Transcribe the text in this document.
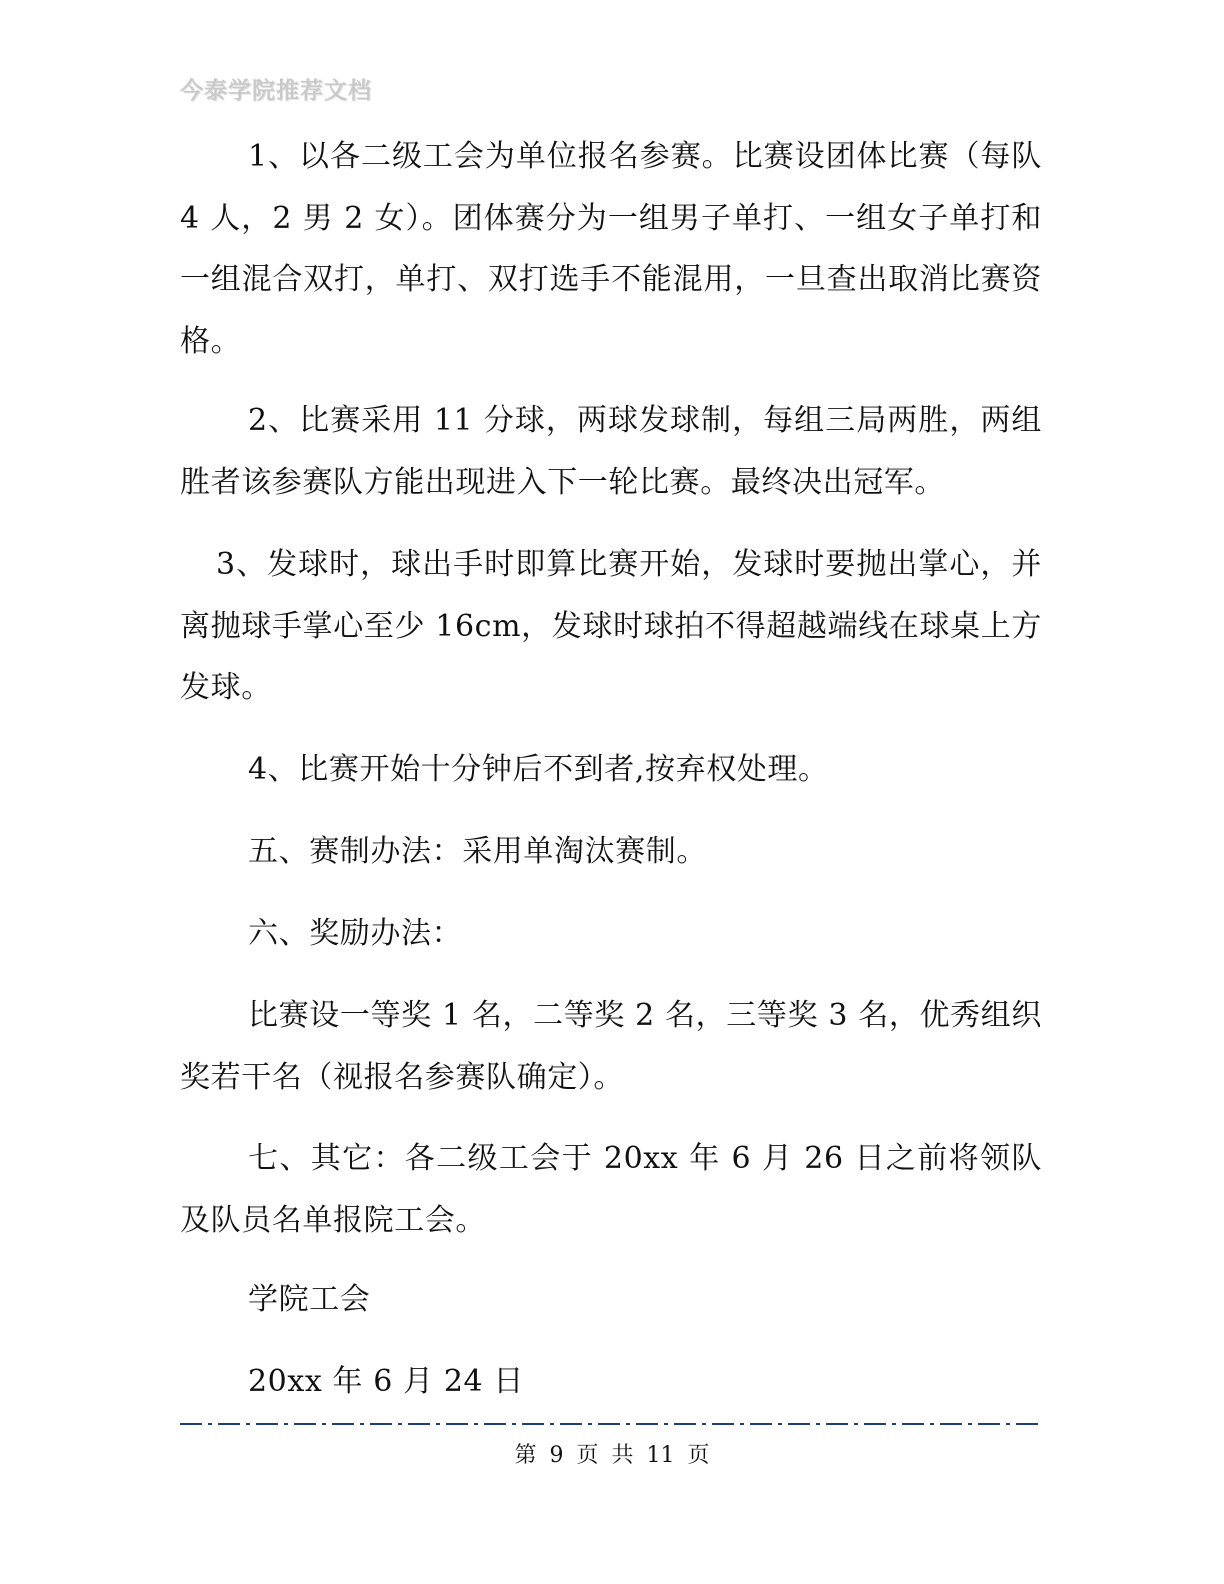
今泰学院推荐文档

1、以各二级工会为单位报名参赛。比赛设团体比赛（每队 4 人，2 男 2 女）。团体赛分为一组男子单打、一组女子单打和一组混合双打，单打、双打选手不能混用，一旦查出取消比赛资格。

2、比赛采用 11 分球，两球发球制，每组三局两胜，两组胜者该参赛队方能出现进入下一轮比赛。最终决出冠军。

3、发球时，球出手时即算比赛开始，发球时要抛出掌心，并离抛球手掌心至少 16cm，发球时球拍不得超越端线在球桌上方发球。

4、比赛开始十分钟后不到者,按弃权处理。

五、赛制办法：采用单淘汰赛制。

六、奖励办法：

比赛设一等奖 1 名，二等奖 2 名，三等奖 3 名，优秀组织奖若干名（视报名参赛队确定）。

七、其它：各二级工会于 20xx 年 6 月 26 日之前将领队及队员名单报院工会。

学院工会

20xx 年 6 月 24 日

第 9 页 共 11 页
